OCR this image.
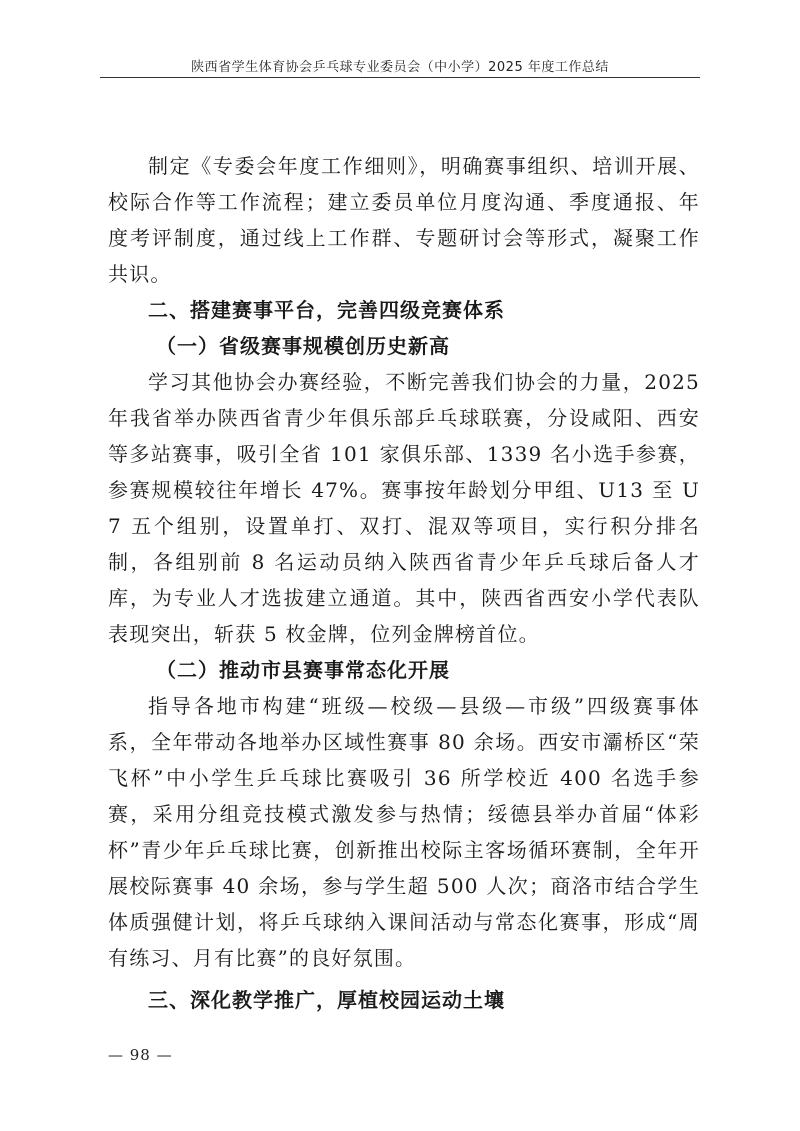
陕西省学生体育协会乒乓球专业委员会（中小学）2025 年度工作总结

制定《专委会年度工作细则》，明确赛事组织、培训开展、校际合作等工作流程；建立委员单位月度沟通、季度通报、年度考评制度，通过线上工作群、专题研讨会等形式，凝聚工作共识。

二、搭建赛事平台，完善四级竞赛体系

（一）省级赛事规模创历史新高

学习其他协会办赛经验，不断完善我们协会的力量，2025年我省举办陕西省青少年俱乐部乒乓球联赛，分设咸阳、西安等多站赛事，吸引全省 101 家俱乐部、1339 名小选手参赛，参赛规模较往年增长 47%。赛事按年龄划分甲组、U13 至 U7 五个组别，设置单打、双打、混双等项目，实行积分排名制，各组别前 8 名运动员纳入陕西省青少年乒乓球后备人才库，为专业人才选拔建立通道。其中，陕西省西安小学代表队表现突出，斩获 5 枚金牌，位列金牌榜首位。

（二）推动市县赛事常态化开展

指导各地市构建“班级—校级—县级—市级”四级赛事体系，全年带动各地举办区域性赛事 80 余场。西安市灞桥区“荣飞杯”中小学生乒乓球比赛吸引 36 所学校近 400 名选手参赛，采用分组竞技模式激发参与热情；绥德县举办首届“体彩杯”青少年乒乓球比赛，创新推出校际主客场循环赛制，全年开展校际赛事 40 余场，参与学生超 500 人次；商洛市结合学生体质强健计划，将乒乓球纳入课间活动与常态化赛事，形成“周有练习、月有比赛”的良好氛围。

三、深化教学推广，厚植校园运动土壤

— 98 —
